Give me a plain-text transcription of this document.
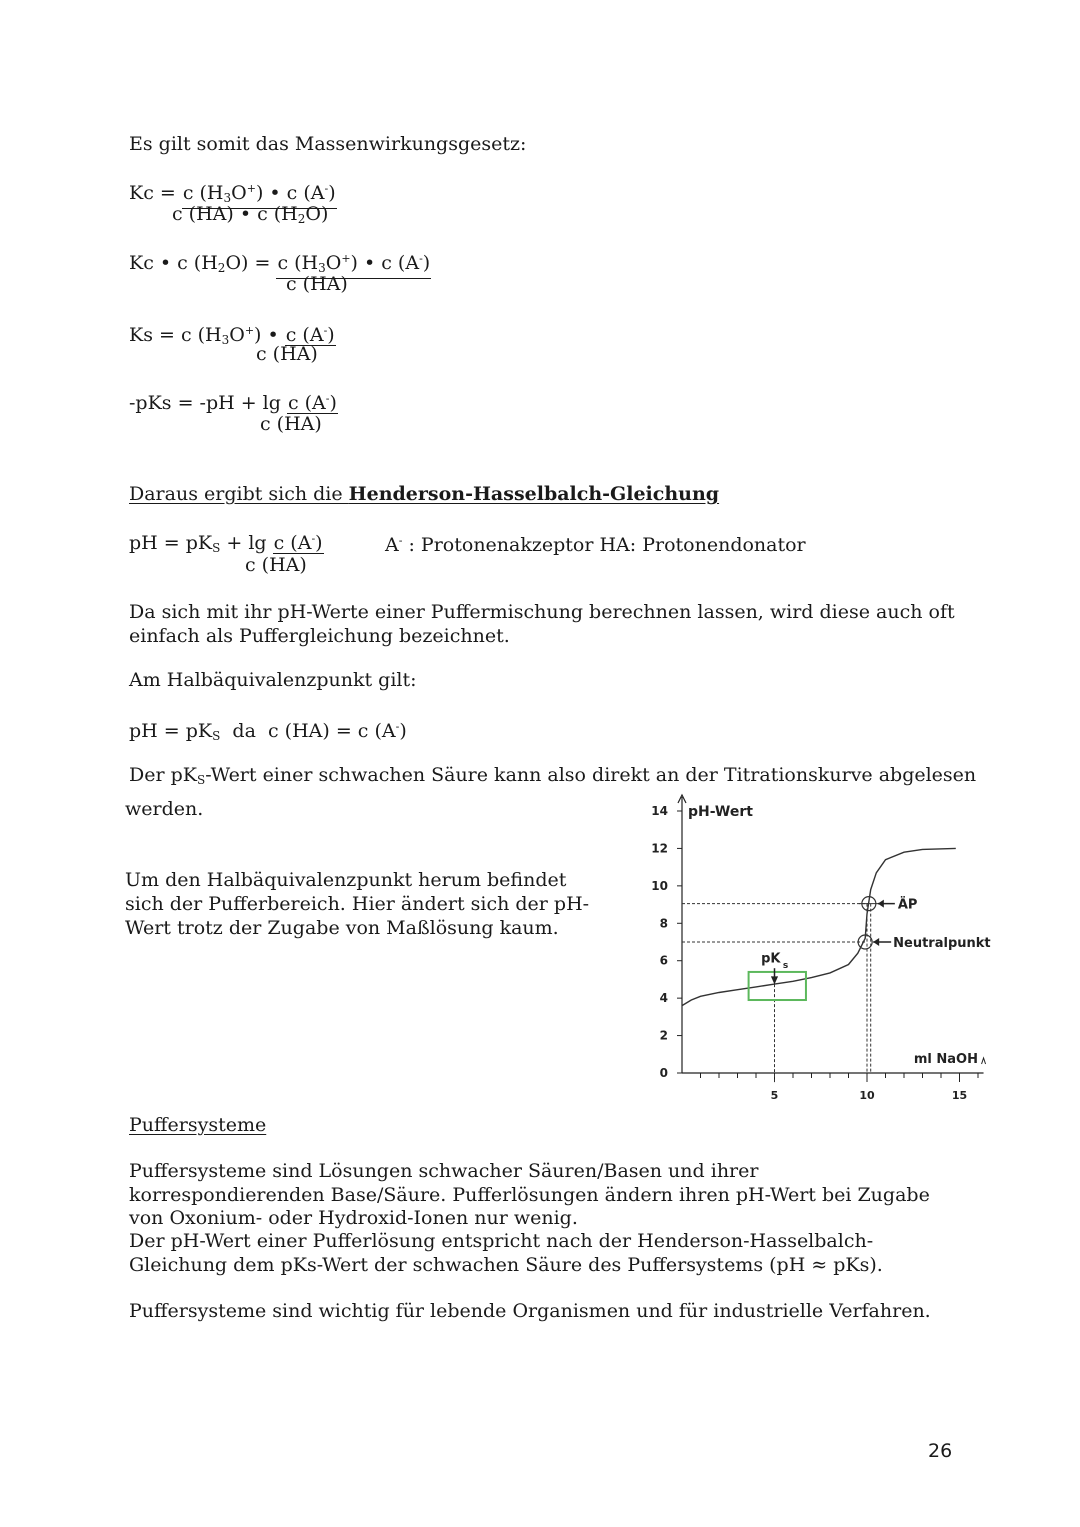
Es gilt somit das Massenwirkungsgesetz:
Kc = c $(H_3O^+)$ • c (A-)
c (HA) • c $(H_2O)$
Kc • c $(H_2O) = c$ $(H_3O^+)$ • c (A-)
c (HA)
Ks = c $(H_3O^+)$ • c (A-)
c (HA)
-pKs = -pH + lg c (A-)
c (HA)
Daraus ergibt sich die Henderson-Hasselbalch-Gleichung
pH = $pK_S + \lg c$ (A-)
c (HA)
A- : Protonenakzeptor HA: Protonendonator
Da sich mit ihr pH-Werte einer Puffermischung berechnen lassen, wird diese auch oft einfach als Puffergleichung bezeichnet.
Am Halbäquivalenzpunkt gilt:
pH = $pK_S$  da  c (HA) = c (A-)
Der $pK_S$-Wert einer schwachen Säure kann also direkt an der Titrationskurve abgelesen
werden.
Um den Halbäquivalenzpunkt herum befindet sich der Pufferbereich. Hier ändert sich der pH-Wert trotz der Zugabe von Maßlösung kaum.
0
2
4
6
8
10
12
14
5	10	15
pH-Wert
ml NaOH
pK s
ÄP
Neutralpunkt
Puffersysteme
Puffersysteme sind Lösungen schwacher Säuren/Basen und ihrer korrespondierenden Base/Säure. Pufferlösungen ändern ihren pH-Wert bei Zugabe von Oxonium- oder Hydroxid-Ionen nur wenig.
Der pH-Wert einer Pufferlösung entspricht nach der Henderson-Hasselbalch-Gleichung dem pKs-Wert der schwachen Säure des Puffersystems (pH ≈ pKs).
Puffersysteme sind wichtig für lebende Organismen und für industrielle Verfahren.
26
